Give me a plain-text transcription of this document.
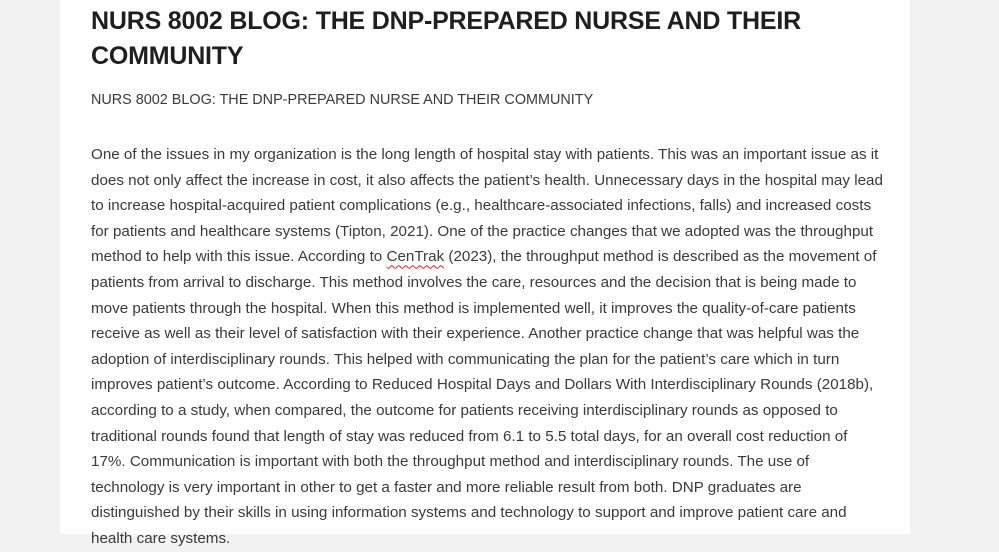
NURS 8002 BLOG: THE DNP-PREPARED NURSE AND THEIR COMMUNITY

NURS 8002 BLOG: THE DNP-PREPARED NURSE AND THEIR COMMUNITY

One of the issues in my organization is the long length of hospital stay with patients. This was an important issue as it does not only affect the increase in cost, it also affects the patient’s health. Unnecessary days in the hospital may lead to increase hospital-acquired patient complications (e.g., healthcare-associated infections, falls) and increased costs for patients and healthcare systems (Tipton, 2021). One of the practice changes that we adopted was the throughput method to help with this issue. According to CenTrak (2023), the throughput method is described as the movement of patients from arrival to discharge. This method involves the care, resources and the decision that is being made to move patients through the hospital. When this method is implemented well, it improves the quality-of-care patients receive as well as their level of satisfaction with their experience. Another practice change that was helpful was the adoption of interdisciplinary rounds. This helped with communicating the plan for the patient’s care which in turn improves patient’s outcome. According to Reduced Hospital Days and Dollars With Interdisciplinary Rounds (2018b), according to a study, when compared, the outcome for patients receiving interdisciplinary rounds as opposed to traditional rounds found that length of stay was reduced from 6.1 to 5.5 total days, for an overall cost reduction of 17%. Communication is important with both the throughput method and interdisciplinary rounds. The use of technology is very important in other to get a faster and more reliable result from both. DNP graduates are distinguished by their skills in using information systems and technology to support and improve patient care and health care systems.
